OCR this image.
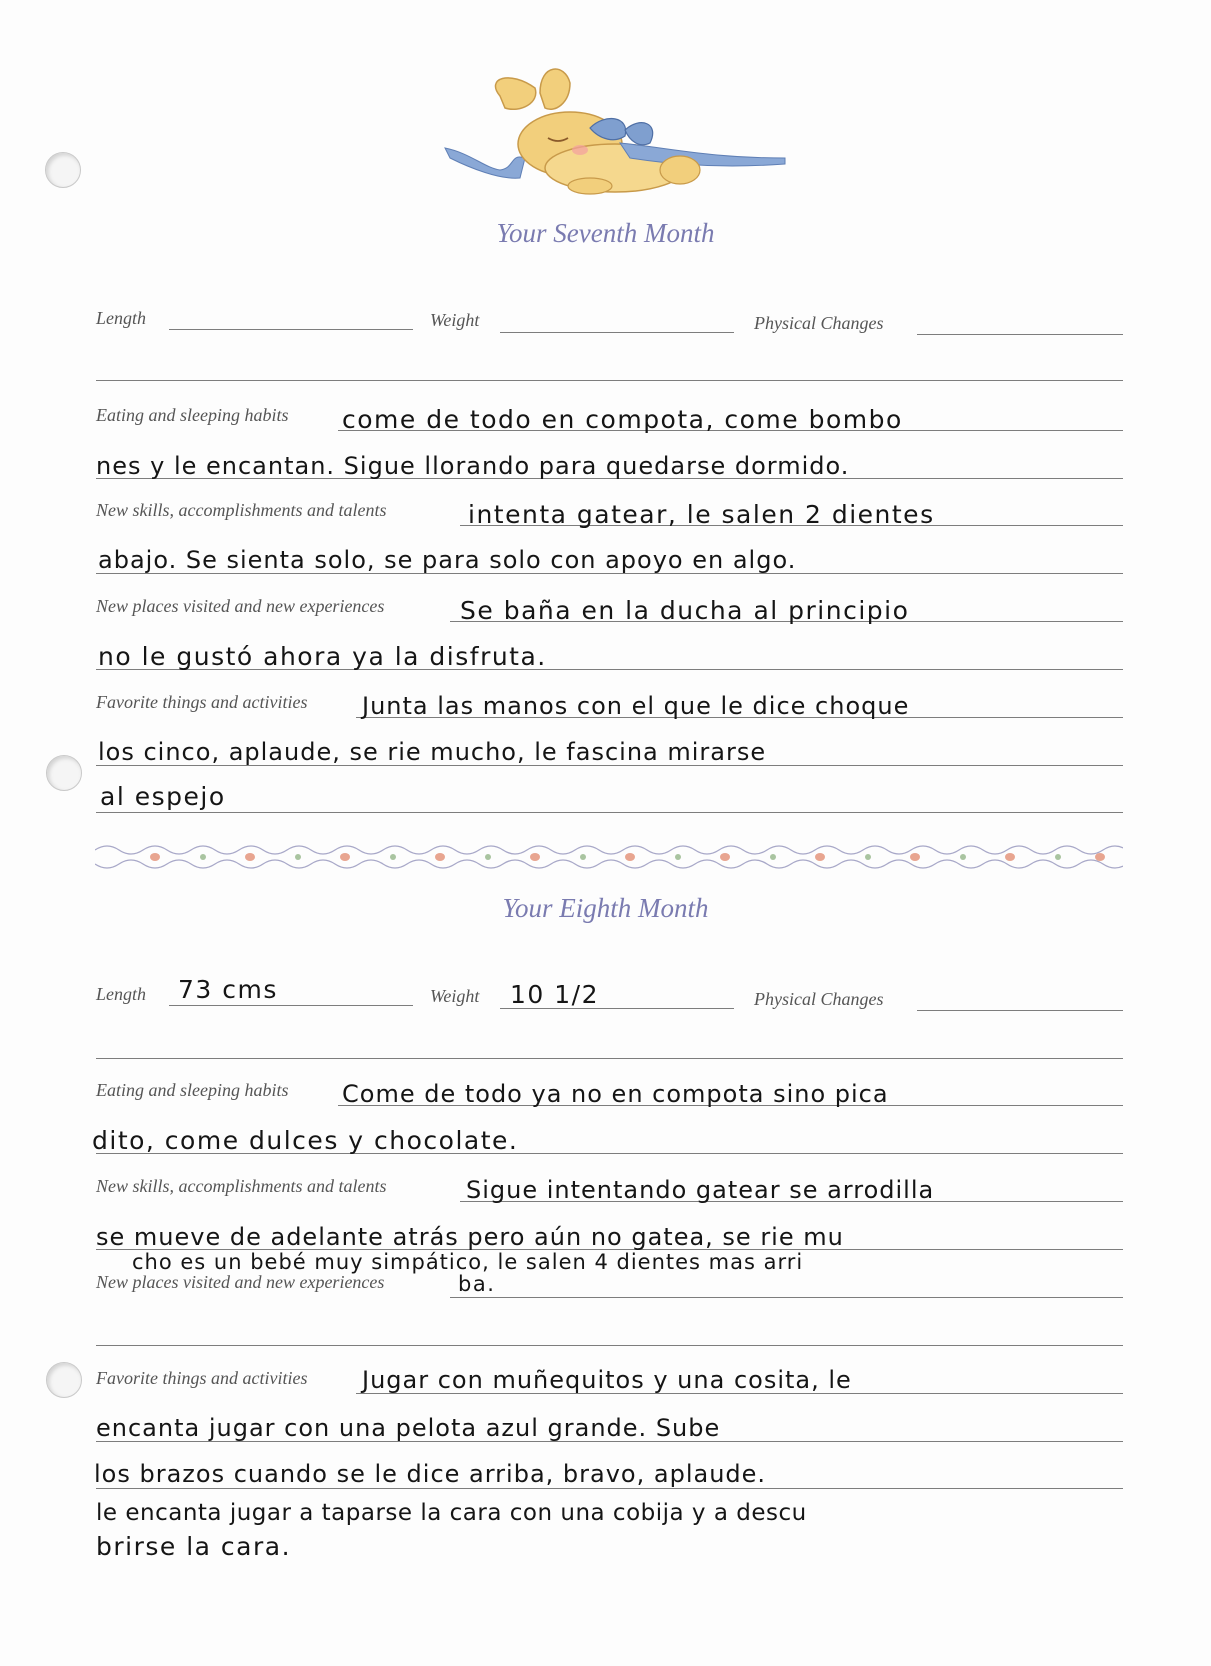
Your Seventh Month
Length	Weight	Physical Changes
Eating and sleeping habits come de todo en compota, come bombo
nes y le encantan. Sigue llorando para quedarse dormido.
New skills, accomplishments and talents	intenta gatear, le salen 2 dientes
abajo. Se sienta solo, se para solo con apoyo en algo.
New places visited and new experiences	Se baña en la ducha al principio
no le gustó ahora ya la disfruta.
Favorite things and activities Junta las manos con el que le dice choque
los cinco, aplaude, se rie mucho, le fascina mirarse
al espejo
Your Eighth Month
Length 73 cms	Weight 10 1/2	Physical Changes
Eating and sleeping habits Come de todo ya no en compota sino pica
dito, come dulces y chocolate.
New skills, accomplishments and talents	Sigue intentando gatear se arrodilla
se mueve de adelante atrás pero aún no gatea, se rie mu
cho es un bebé muy simpático, le salen 4 dientes mas arri
New places visited and new experiences	ba.
Favorite things and activities Jugar con muñequitos y una cosita, le
encanta jugar con una pelota azul grande. Sube
los brazos cuando se le dice arriba, bravo, aplaude.
le encanta jugar a taparse la cara con una cobija y a descu
brirse la cara.
